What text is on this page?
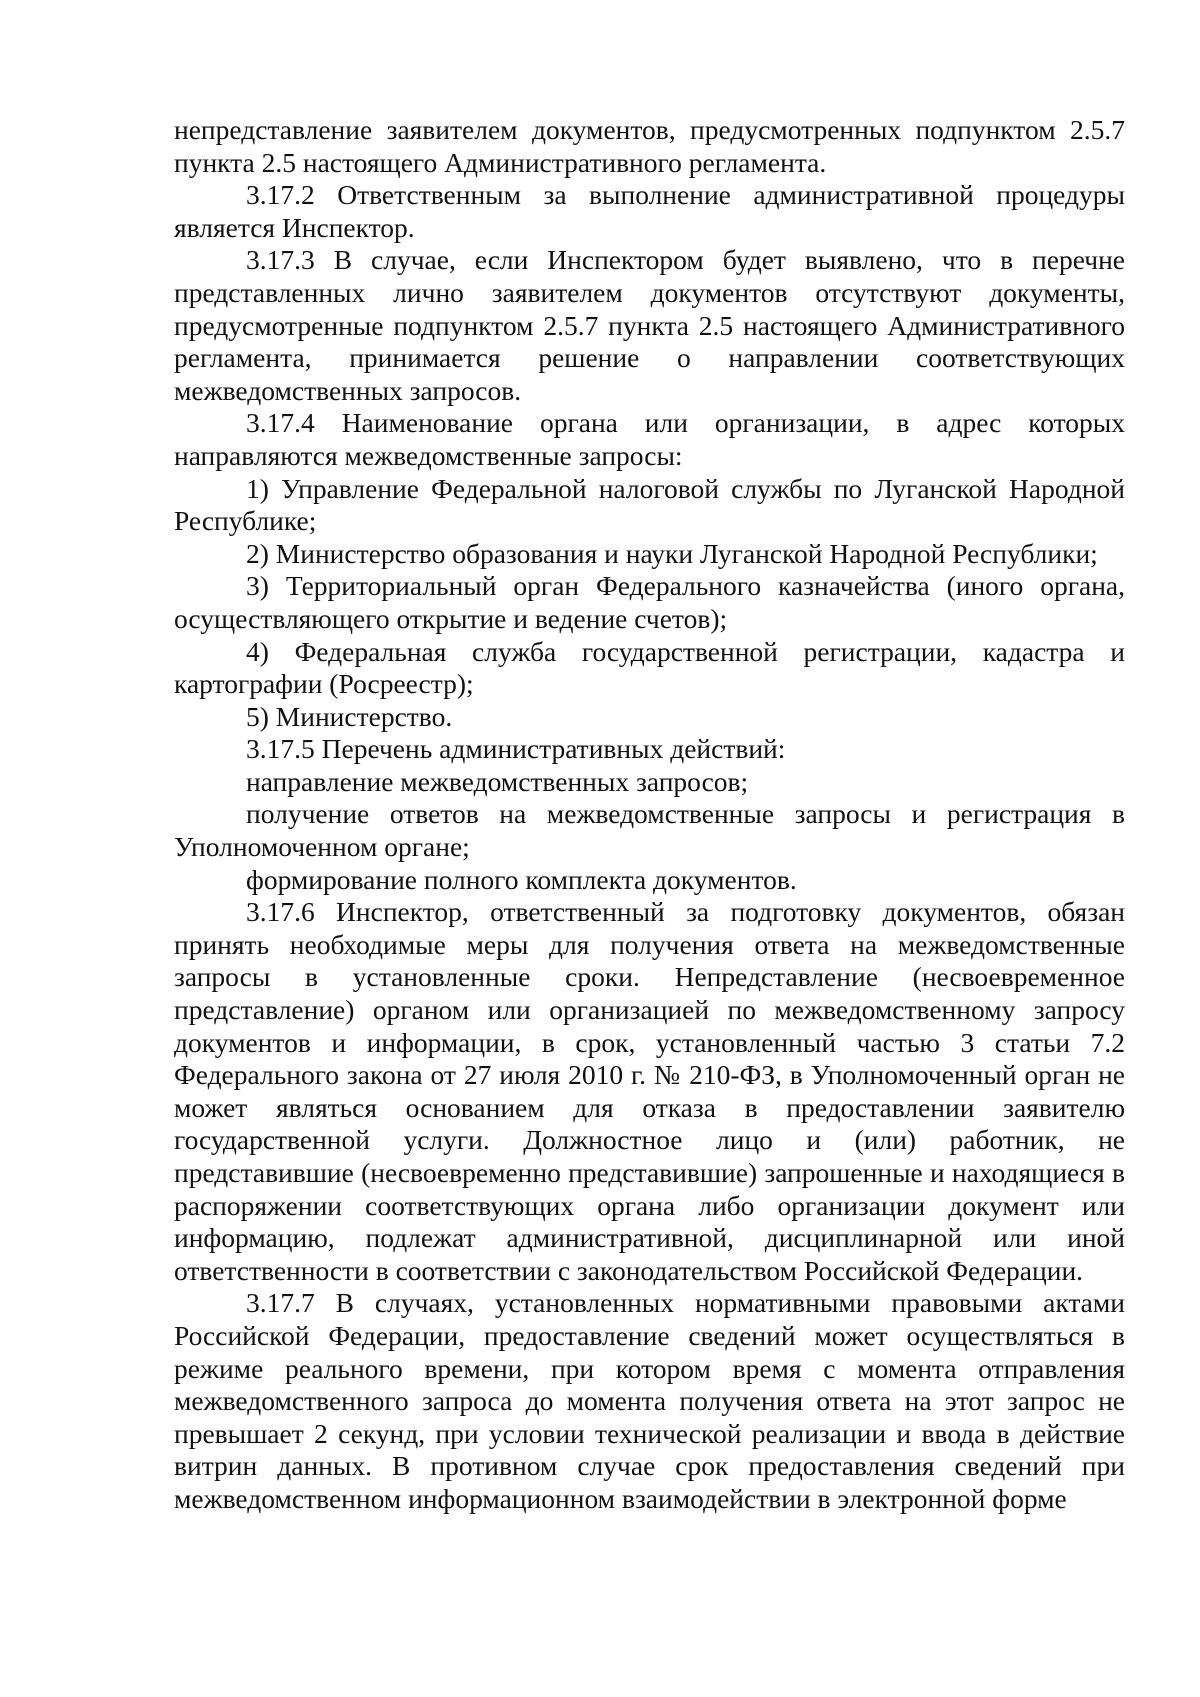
непредставление заявителем документов, предусмотренных подпунктом 2.5.7 пункта 2.5 настоящего Административного регламента.

3.17.2 Ответственным за выполнение административной процедуры является Инспектор.

3.17.3 В случае, если Инспектором будет выявлено, что в перечне представленных лично заявителем документов отсутствуют документы, предусмотренные подпунктом 2.5.7 пункта 2.5 настоящего Административного регламента, принимается решение о направлении соответствующих межведомственных запросов.

3.17.4 Наименование органа или организации, в адрес которых направляются межведомственные запросы:

1) Управление Федеральной налоговой службы по Луганской Народной Республике;

2) Министерство образования и науки Луганской Народной Республики;

3) Территориальный орган Федерального казначейства (иного органа, осуществляющего открытие и ведение счетов);

4) Федеральная служба государственной регистрации, кадастра и картографии (Росреестр);

5) Министерство.

3.17.5 Перечень административных действий:

направление межведомственных запросов;

получение ответов на межведомственные запросы и регистрация в Уполномоченном органе;

формирование полного комплекта документов.

3.17.6 Инспектор, ответственный за подготовку документов, обязан принять необходимые меры для получения ответа на межведомственные запросы в установленные сроки. Непредставление (несвоевременное представление) органом или организацией по межведомственному запросу документов и информации, в срок, установленный частью 3 статьи 7.2 Федерального закона от 27 июля 2010 г. № 210-ФЗ, в Уполномоченный орган не может являться основанием для отказа в предоставлении заявителю государственной услуги. Должностное лицо и (или) работник, не представившие (несвоевременно представившие) запрошенные и находящиеся в распоряжении соответствующих органа либо организации документ или информацию, подлежат административной, дисциплинарной или иной ответственности в соответствии с законодательством Российской Федерации.

3.17.7 В случаях, установленных нормативными правовыми актами Российской Федерации, предоставление сведений может осуществляться в режиме реального времени, при котором время с момента отправления межведомственного запроса до момента получения ответа на этот запрос не превышает 2 секунд, при условии технической реализации и ввода в действие витрин данных. В противном случае срок предоставления сведений при межведомственном информационном взаимодействии в электронной форме
